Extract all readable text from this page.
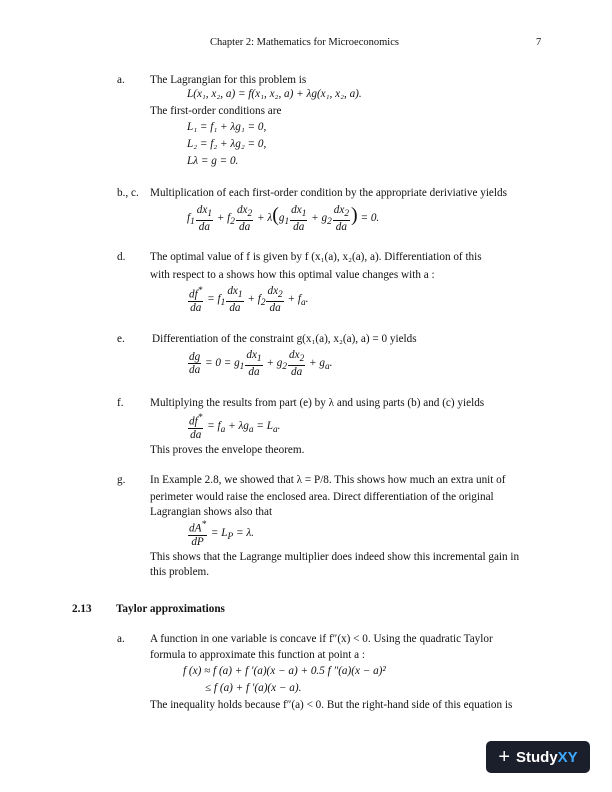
Chapter 2: Mathematics for Microeconomics	7
a. The Lagrangian for this problem is
L(x₁, x₂, a) = f(x₁, x₂, a) + λg(x₁, x₂, a).
The first-order conditions are
L₁ = f₁ + λg₁ = 0,
L₂ = f₂ + λg₂ = 0,
Lλ = g = 0.
b., c. Multiplication of each first-order condition by the appropriate deriviative yields
$f_1 \frac{dx_1}{da} + f_2 \frac{dx_2}{da} + \lambda(g_1 \frac{dx_1}{da} + g_2 \frac{dx_2}{da}$ ) = 0.
d. The optimal value of f is given by f (x₁(a), x₂(a), a). Differentiation of this
with respect to a shows how this optimal value changes with a :
$\frac{df^*}{da} = f_1 \frac{dx_1}{da} + f_2 \frac{dx_2}{da} + f_a$.
e. Differentiation of the constraint g(x₁(a), x₂(a), a) = 0 yields
$\frac{dg}{da} = 0 = g_1 \frac{dx_1}{da} + g_2 \frac{dx_2}{da} + g_a$.
f. Multiplying the results from part (e) by λ and using parts (b) and (c) yields
$\frac{df^*}{da} = f_a + \lambda g_a = L_a$.
This proves the envelope theorem.
g. In Example 2.8, we showed that λ = P/8. This shows how much an extra unit of
perimeter would raise the enclosed area. Direct differentiation of the original
Lagrangian shows also that
$\frac{dA^*}{dP} = L_P = \lambda$.
This shows that the Lagrange multiplier does indeed show this incremental gain in
this problem.
2.13 Taylor approximations
a. A function in one variable is concave if f″(x) < 0. Using the quadratic Taylor
formula to approximate this function at point a :
f (x) ≈ f (a) + f ′(a)(x − a) + 0.5 f ″(a)(x − a)²
≤ f (a) + f ′(a)(x − a).
The inequality holds because f″(a) < 0. But the right-hand side of this equation is
+ Study XY
